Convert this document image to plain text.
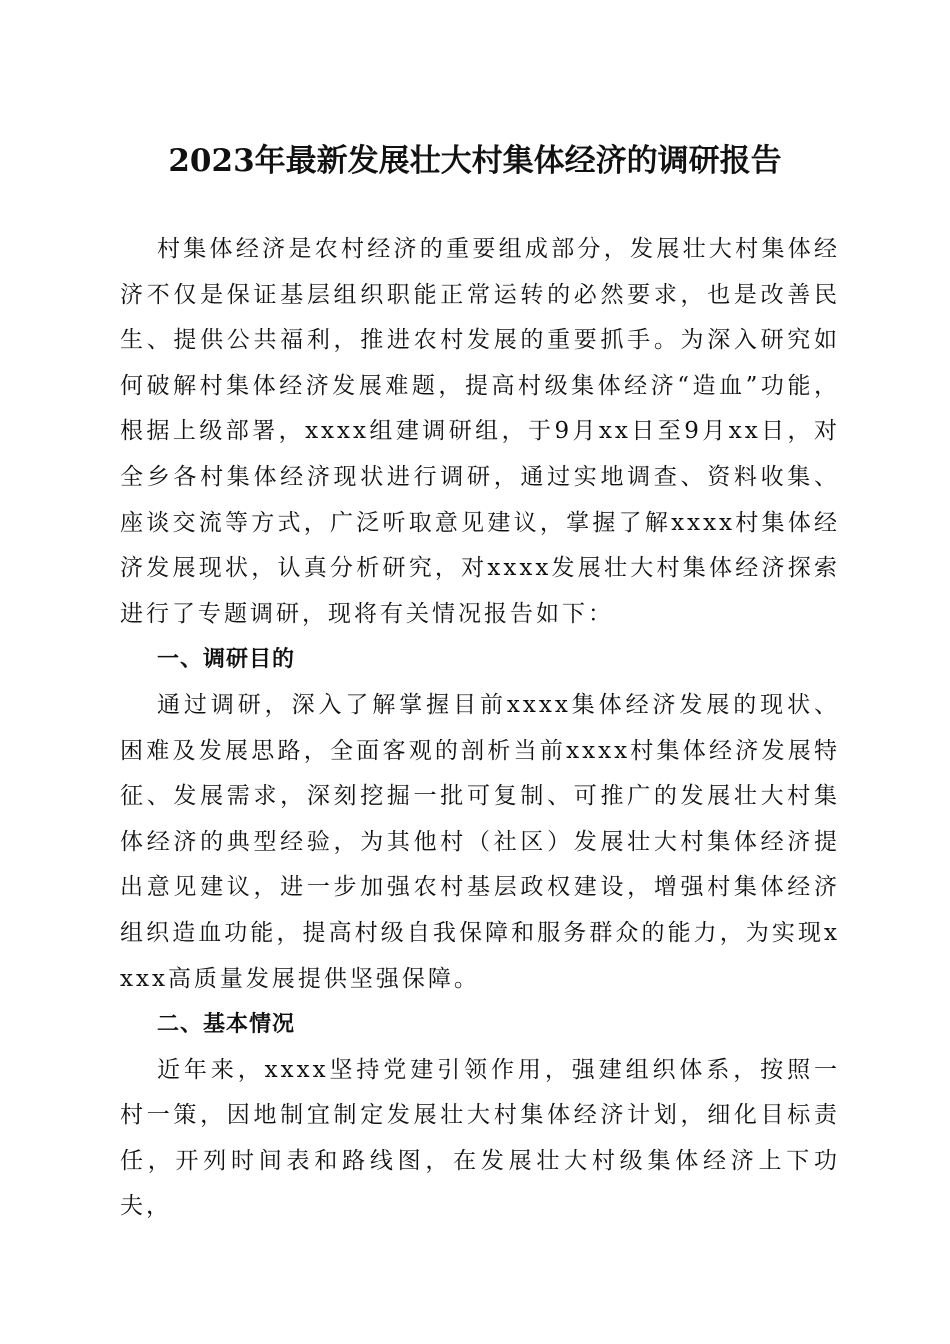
2023年最新发展壮大村集体经济的调研报告

村集体经济是农村经济的重要组成部分，发展壮大村集体经济不仅是保证基层组织职能正常运转的必然要求，也是改善民生、提供公共福利，推进农村发展的重要抓手。为深入研究如何破解村集体经济发展难题，提高村级集体经济“造血”功能，根据上级部署，xxxx组建调研组，于9月xx日至9月xx日，对全乡各村集体经济现状进行调研，通过实地调查、资料收集、座谈交流等方式，广泛听取意见建议，掌握了解xxxx村集体经济发展现状，认真分析研究，对xxxx发展壮大村集体经济探索进行了专题调研，现将有关情况报告如下：

一、调研目的

通过调研，深入了解掌握目前xxxx集体经济发展的现状、困难及发展思路，全面客观的剖析当前xxxx村集体经济发展特征、发展需求，深刻挖掘一批可复制、可推广的发展壮大村集体经济的典型经验，为其他村（社区）发展壮大村集体经济提出意见建议，进一步加强农村基层政权建设，增强村集体经济组织造血功能，提高村级自我保障和服务群众的能力，为实现xxxx高质量发展提供坚强保障。

二、基本情况

近年来，xxxx坚持党建引领作用，强建组织体系，按照一村一策，因地制宜制定发展壮大村集体经济计划，细化目标责任，开列时间表和路线图，在发展壮大村级集体经济上下功夫，
